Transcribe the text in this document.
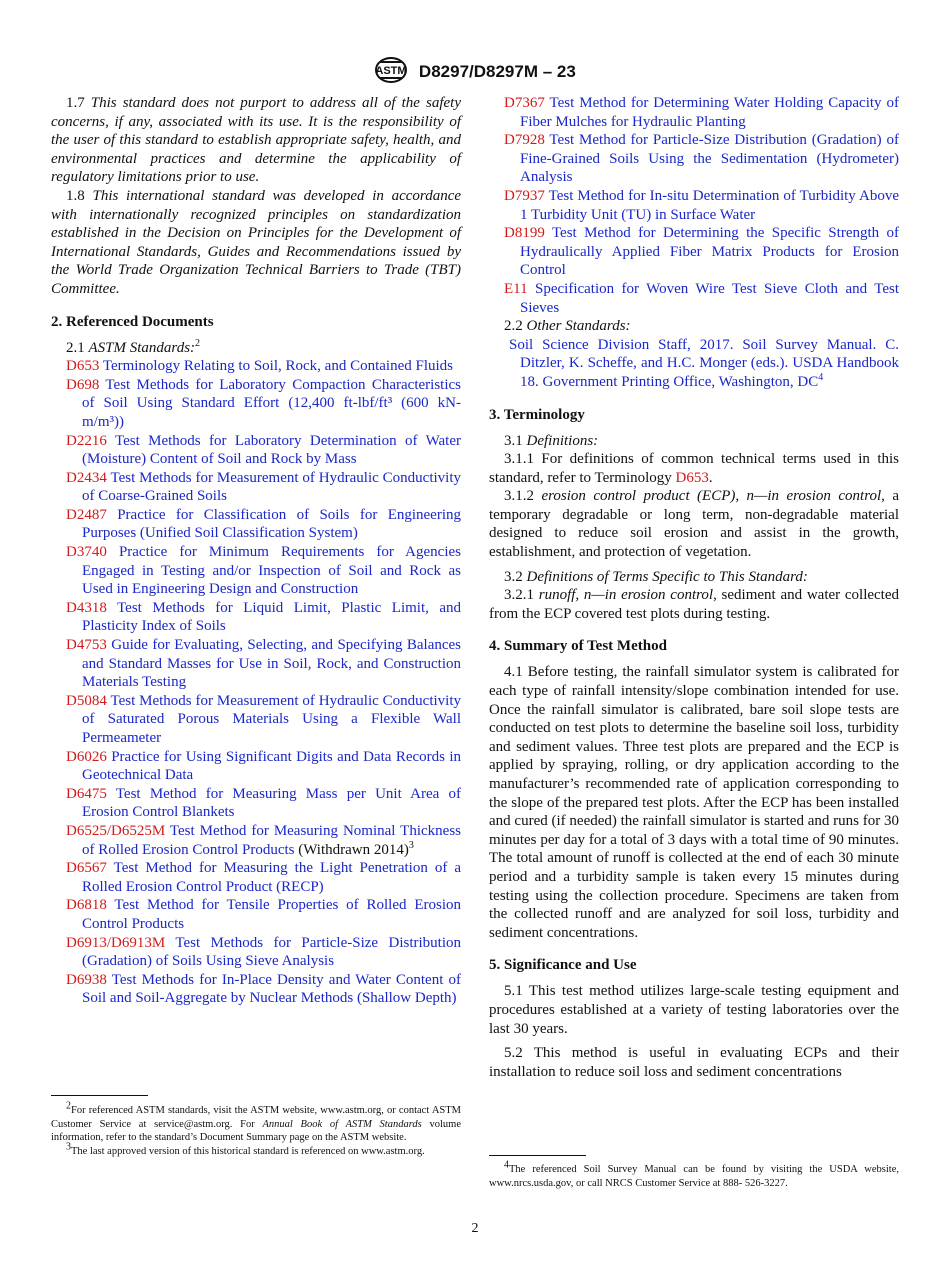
ASTM D8297/D8297M – 23

1.7 This standard does not purport to address all of the safety concerns, if any, associated with its use. It is the responsibility of the user of this standard to establish appropriate safety, health, and environmental practices and determine the applicability of regulatory limitations prior to use.

1.8 This international standard was developed in accordance with internationally recognized principles on standardization established in the Decision on Principles for the Development of International Standards, Guides and Recommendations issued by the World Trade Organization Technical Barriers to Trade (TBT) Committee.

2. Referenced Documents

2.1 ASTM Standards:$^2$

D653 Terminology Relating to Soil, Rock, and Contained Fluids

D698 Test Methods for Laboratory Compaction Characteristics of Soil Using Standard Effort (12,400 ft-lbf/ft³ (600 kN-m/m³))

D2216 Test Methods for Laboratory Determination of Water (Moisture) Content of Soil and Rock by Mass

D2434 Test Methods for Measurement of Hydraulic Conductivity of Coarse-Grained Soils

D2487 Practice for Classification of Soils for Engineering Purposes (Unified Soil Classification System)

D3740 Practice for Minimum Requirements for Agencies Engaged in Testing and/or Inspection of Soil and Rock as Used in Engineering Design and Construction

D4318 Test Methods for Liquid Limit, Plastic Limit, and Plasticity Index of Soils

D4753 Guide for Evaluating, Selecting, and Specifying Balances and Standard Masses for Use in Soil, Rock, and Construction Materials Testing

D5084 Test Methods for Measurement of Hydraulic Conductivity of Saturated Porous Materials Using a Flexible Wall Permeameter

D6026 Practice for Using Significant Digits and Data Records in Geotechnical Data

D6475 Test Method for Measuring Mass per Unit Area of Erosion Control Blankets

D6525/D6525M Test Method for Measuring Nominal Thickness of Rolled Erosion Control Products (Withdrawn 2014)$^3$

D6567 Test Method for Measuring the Light Penetration of a Rolled Erosion Control Product (RECP)

D6818 Test Method for Tensile Properties of Rolled Erosion Control Products

D6913/D6913M Test Methods for Particle-Size Distribution (Gradation) of Soils Using Sieve Analysis

D6938 Test Methods for In-Place Density and Water Content of Soil and Soil-Aggregate by Nuclear Methods (Shallow Depth)

$^2$For referenced ASTM standards, visit the ASTM website, www.astm.org, or contact ASTM Customer Service at service@astm.org. For Annual Book of ASTM Standards volume information, refer to the standard’s Document Summary page on the ASTM website.

$^3$The last approved version of this historical standard is referenced on www.astm.org.

D7367 Test Method for Determining Water Holding Capacity of Fiber Mulches for Hydraulic Planting

D7928 Test Method for Particle-Size Distribution (Gradation) of Fine-Grained Soils Using the Sedimentation (Hydrometer) Analysis

D7937 Test Method for In-situ Determination of Turbidity Above 1 Turbidity Unit (TU) in Surface Water

D8199 Test Method for Determining the Specific Strength of Hydraulically Applied Fiber Matrix Products for Erosion Control

E11 Specification for Woven Wire Test Sieve Cloth and Test Sieves

2.2 Other Standards:

Soil Science Division Staff, 2017. Soil Survey Manual. C. Ditzler, K. Scheffe, and H.C. Monger (eds.). USDA Handbook 18. Government Printing Office, Washington, $DC^4$

3. Terminology

3.1 Definitions:

3.1.1 For definitions of common technical terms used in this standard, refer to Terminology D653.

3.1.2 erosion control product (ECP), n—in erosion control, a temporary degradable or long term, non-degradable material designed to reduce soil erosion and assist in the growth, establishment, and protection of vegetation.

3.2 Definitions of Terms Specific to This Standard:

3.2.1 runoff, n—in erosion control, sediment and water collected from the ECP covered test plots during testing.

4. Summary of Test Method

4.1 Before testing, the rainfall simulator system is calibrated for each type of rainfall intensity/slope combination intended for use. Once the rainfall simulator is calibrated, bare soil slope tests are conducted on test plots to determine the baseline soil loss, turbidity and sediment values. Three test plots are prepared and the ECP is applied by spraying, rolling, or dry application according to the manufacturer’s recommended rate of application corresponding to the slope of the prepared test plots. After the ECP has been installed and cured (if needed) the rainfall simulator is started and runs for 30 minutes per day for a total of 3 days with a total time of 90 minutes. The total amount of runoff is collected at the end of each 30 minute period and a turbidity sample is taken every 15 minutes during testing using the collection procedure. Specimens are taken from the collected runoff and are analyzed for soil loss, turbidity and sediment concentrations.

5. Significance and Use

5.1 This test method utilizes large-scale testing equipment and procedures established at a variety of testing laboratories over the last 30 years.

5.2 This method is useful in evaluating ECPs and their installation to reduce soil loss and sediment concentrations

$^4$The referenced Soil Survey Manual can be found by visiting the USDA website, www.nrcs.usda.gov, or call NRCS Customer Service at 888- 526-3227.

2
